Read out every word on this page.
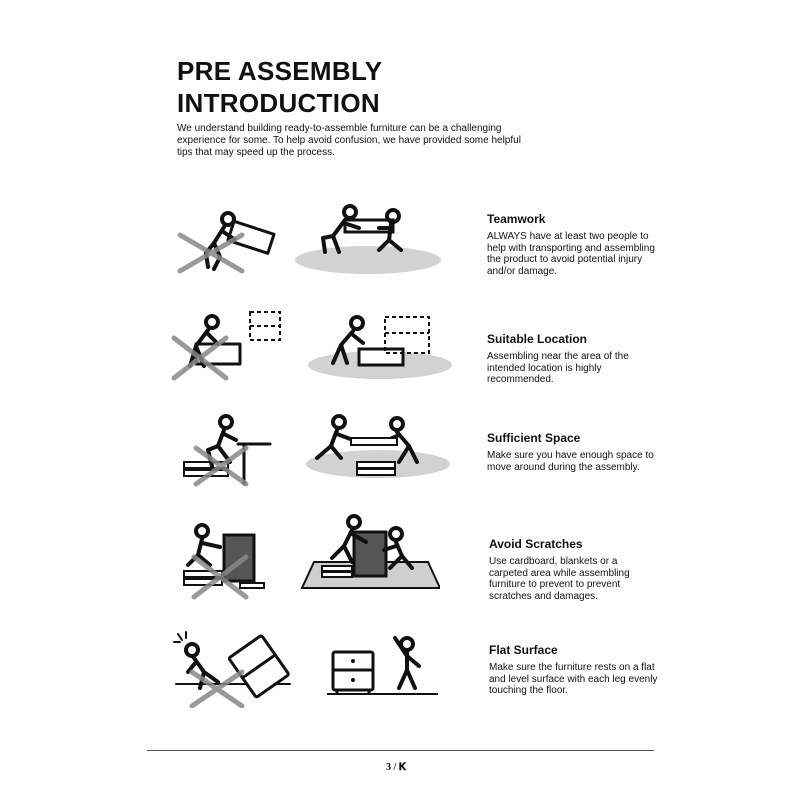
PRE ASSEMBLY
INTRODUCTION

We understand building ready-to-assemble furniture can be a challenging experience for some. To help avoid confusion, we have provided some helpful tips that may speed up the process.

Teamwork

ALWAYS have at least two people to help with transporting and assembling the product to avoid potential injury and/or damage.

Suitable Location

Assembling near the area of the intended location is highly recommended.

Sufficient Space

Make sure you have enough space to move around during the assembly.

Avoid Scratches

Use cardboard, blankets or a carpeted area while assembling furniture to prevent to prevent scratches and damages.

Flat Surface

Make sure the furniture rests on a flat and level surface with each leg evenly touching the floor.

3 / 𝐊
